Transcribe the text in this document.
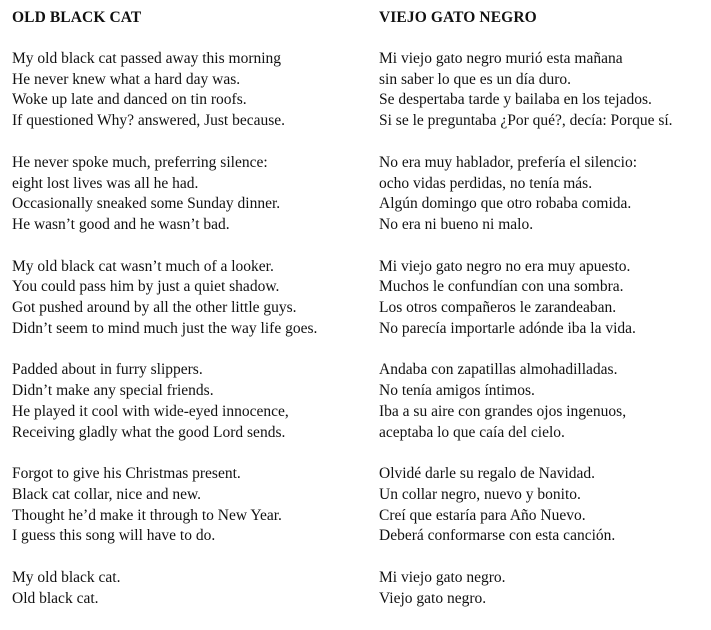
OLD BLACK CAT
My old black cat passed away this morning
He never knew what a hard day was.
Woke up late and danced on tin roofs.
If questioned Why? answered, Just because.
He never spoke much, preferring silence:
eight lost lives was all he had.
Occasionally sneaked some Sunday dinner.
He wasn’t good and he wasn’t bad.
My old black cat wasn’t much of a looker.
You could pass him by just a quiet shadow.
Got pushed around by all the other little guys.
Didn’t seem to mind much just the way life goes.
Padded about in furry slippers.
Didn’t make any special friends.
He played it cool with wide-eyed innocence,
Receiving gladly what the good Lord sends.
Forgot to give his Christmas present.
Black cat collar, nice and new.
Thought he’d make it through to New Year.
I guess this song will have to do.
My old black cat.
Old black cat.
VIEJO GATO NEGRO
Mi viejo gato negro murió esta mañana
sin saber lo que es un día duro.
Se despertaba tarde y bailaba en los tejados.
Si se le preguntaba ¿Por qué?, decía: Porque sí.
No era muy hablador, prefería el silencio:
ocho vidas perdidas, no tenía más.
Algún domingo que otro robaba comida.
No era ni bueno ni malo.
Mi viejo gato negro no era muy apuesto.
Muchos le confundían con una sombra.
Los otros compañeros le zarandeaban.
No parecía importarle adónde iba la vida.
Andaba con zapatillas almohadilladas.
No tenía amigos íntimos.
Iba a su aire con grandes ojos ingenuos,
aceptaba lo que caía del cielo.
Olvidé darle su regalo de Navidad.
Un collar negro, nuevo y bonito.
Creí que estaría para Año Nuevo.
Deberá conformarse con esta canción.
Mi viejo gato negro.
Viejo gato negro.
